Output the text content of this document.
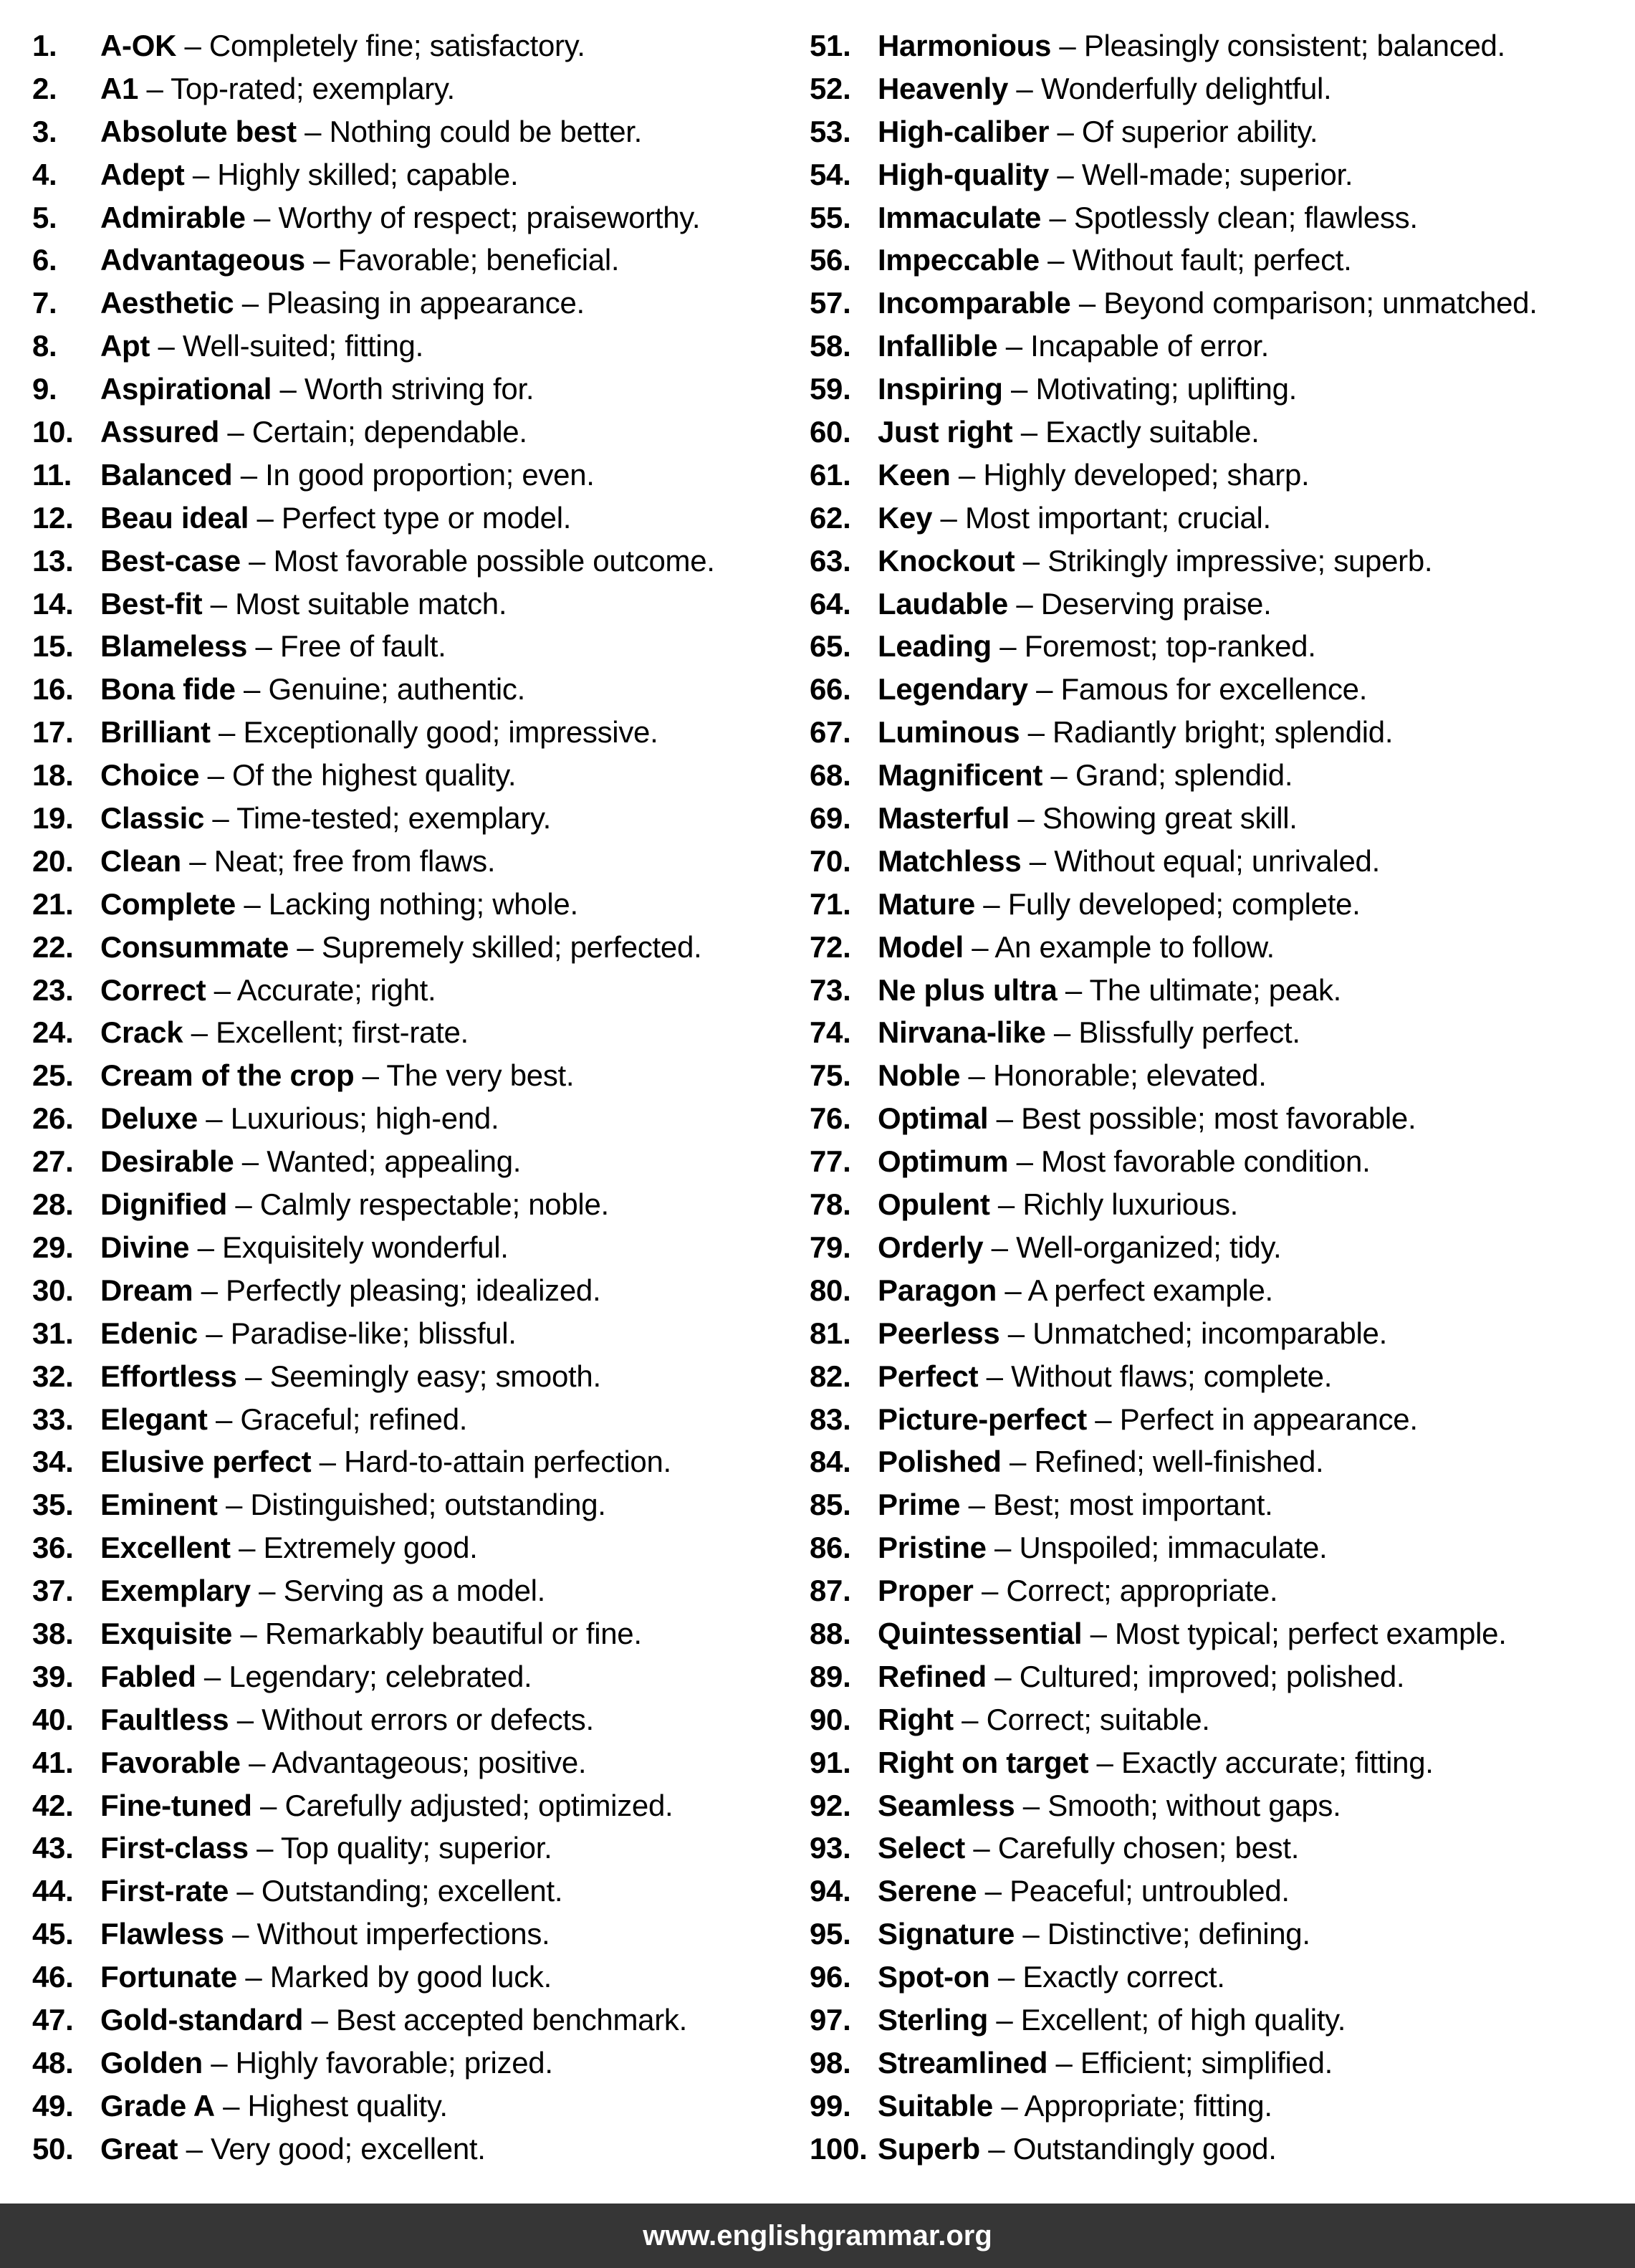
1. A-OK – Completely fine; satisfactory.
2. A1 – Top-rated; exemplary.
3. Absolute best – Nothing could be better.
4. Adept – Highly skilled; capable.
5. Admirable – Worthy of respect; praiseworthy.
6. Advantageous – Favorable; beneficial.
7. Aesthetic – Pleasing in appearance.
8. Apt – Well-suited; fitting.
9. Aspirational – Worth striving for.
10. Assured – Certain; dependable.
11. Balanced – In good proportion; even.
12. Beau ideal – Perfect type or model.
13. Best-case – Most favorable possible outcome.
14. Best-fit – Most suitable match.
15. Blameless – Free of fault.
16. Bona fide – Genuine; authentic.
17. Brilliant – Exceptionally good; impressive.
18. Choice – Of the highest quality.
19. Classic – Time-tested; exemplary.
20. Clean – Neat; free from flaws.
21. Complete – Lacking nothing; whole.
22. Consummate – Supremely skilled; perfected.
23. Correct – Accurate; right.
24. Crack – Excellent; first-rate.
25. Cream of the crop – The very best.
26. Deluxe – Luxurious; high-end.
27. Desirable – Wanted; appealing.
28. Dignified – Calmly respectable; noble.
29. Divine – Exquisitely wonderful.
30. Dream – Perfectly pleasing; idealized.
31. Edenic – Paradise-like; blissful.
32. Effortless – Seemingly easy; smooth.
33. Elegant – Graceful; refined.
34. Elusive perfect – Hard-to-attain perfection.
35. Eminent – Distinguished; outstanding.
36. Excellent – Extremely good.
37. Exemplary – Serving as a model.
38. Exquisite – Remarkably beautiful or fine.
39. Fabled – Legendary; celebrated.
40. Faultless – Without errors or defects.
41. Favorable – Advantageous; positive.
42. Fine-tuned – Carefully adjusted; optimized.
43. First-class – Top quality; superior.
44. First-rate – Outstanding; excellent.
45. Flawless – Without imperfections.
46. Fortunate – Marked by good luck.
47. Gold-standard – Best accepted benchmark.
48. Golden – Highly favorable; prized.
49. Grade A – Highest quality.
50. Great – Very good; excellent.
51. Harmonious – Pleasingly consistent; balanced.
52. Heavenly – Wonderfully delightful.
53. High-caliber – Of superior ability.
54. High-quality – Well-made; superior.
55. Immaculate – Spotlessly clean; flawless.
56. Impeccable – Without fault; perfect.
57. Incomparable – Beyond comparison; unmatched.
58. Infallible – Incapable of error.
59. Inspiring – Motivating; uplifting.
60. Just right – Exactly suitable.
61. Keen – Highly developed; sharp.
62. Key – Most important; crucial.
63. Knockout – Strikingly impressive; superb.
64. Laudable – Deserving praise.
65. Leading – Foremost; top-ranked.
66. Legendary – Famous for excellence.
67. Luminous – Radiantly bright; splendid.
68. Magnificent – Grand; splendid.
69. Masterful – Showing great skill.
70. Matchless – Without equal; unrivaled.
71. Mature – Fully developed; complete.
72. Model – An example to follow.
73. Ne plus ultra – The ultimate; peak.
74. Nirvana-like – Blissfully perfect.
75. Noble – Honorable; elevated.
76. Optimal – Best possible; most favorable.
77. Optimum – Most favorable condition.
78. Opulent – Richly luxurious.
79. Orderly – Well-organized; tidy.
80. Paragon – A perfect example.
81. Peerless – Unmatched; incomparable.
82. Perfect – Without flaws; complete.
83. Picture-perfect – Perfect in appearance.
84. Polished – Refined; well-finished.
85. Prime – Best; most important.
86. Pristine – Unspoiled; immaculate.
87. Proper – Correct; appropriate.
88. Quintessential – Most typical; perfect example.
89. Refined – Cultured; improved; polished.
90. Right – Correct; suitable.
91. Right on target – Exactly accurate; fitting.
92. Seamless – Smooth; without gaps.
93. Select – Carefully chosen; best.
94. Serene – Peaceful; untroubled.
95. Signature – Distinctive; defining.
96. Spot-on – Exactly correct.
97. Sterling – Excellent; of high quality.
98. Streamlined – Efficient; simplified.
99. Suitable – Appropriate; fitting.
100. Superb – Outstandingly good.
www.englishgrammar.org
